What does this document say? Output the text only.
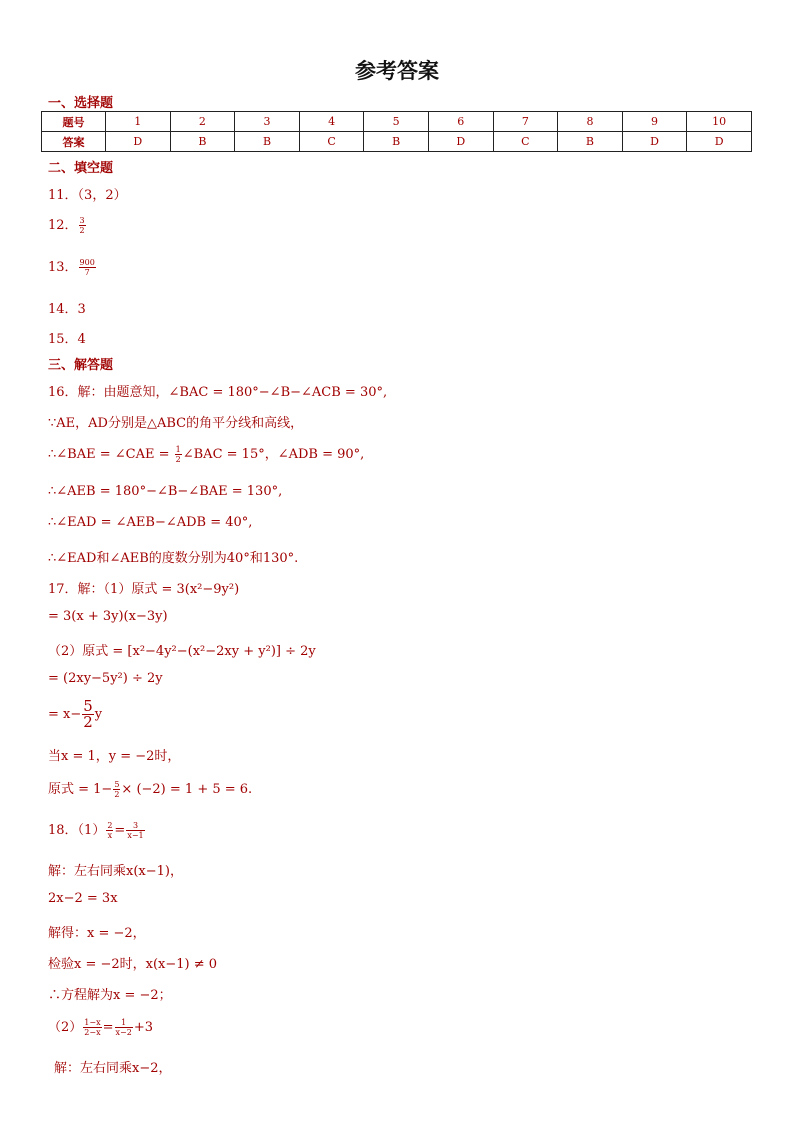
参考答案
一、选择题
题号	1	2	3	4	5	6	7	8	9	10
答案	D	B	B	C	B	D	C	B	D	D
二、填空题
11．（3，2）
12． $\frac{3}{2}$
13． $\frac{900}{7}$
14．3
15．4
三、解答题
16．解：由题意知，∠BAC = 180°−∠B−∠ACB = 30°,
∵AE，AD分别是△ABC的角平分线和高线，
∴∠BAE = ∠CAE = $\frac{1}{2}$ ∠BAC = 15°，∠ADB = 90°,
∴∠AEB = 180°−∠B−∠BAE = 130°,
∴∠EAD = ∠AEB−∠ADB = 40°,
∴∠EAD和∠AEB的度数分别为40°和130°.
17．解：（1）原式 = 3(x²−9y²)
= 3(x + 3y)(x−3y)
（2）原式 = [x²−4y²−(x²−2xy + y²)] ÷ 2y
= (2xy−5y²) ÷ 2y
= $x- \frac{5}{2}$ y
当x = 1，y = −2时，
原式 = $1- \frac{5}{2} \times (-2) = 1 + 5 = 6$.
18．$(1) \frac{2}{x} = \frac{3}{x-1}$
解：左右同乘x(x−1)，
2x−2 = 3x
解得：x = −2，
检验x = −2时，x(x−1) ≠ 0
∴方程解为x = −2；
$(2) \frac{1-x}{2-x} = \frac{1}{x-2} +3$
解：左右同乘x−2，
